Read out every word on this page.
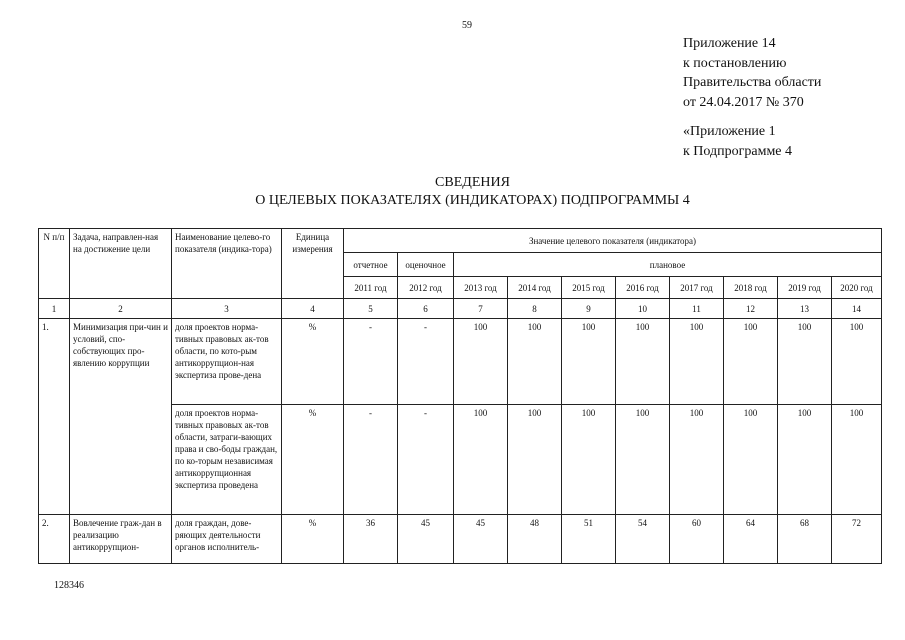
59
Приложение 14
к постановлению
Правительства области
от 24.04.2017 № 370
«Приложение 1
к Подпрограмме 4
СВЕДЕНИЯ
О ЦЕЛЕВЫХ ПОКАЗАТЕЛЯХ (ИНДИКАТОРАХ) ПОДПРОГРАММЫ 4
N п/п	Задача, направлен-ная на достижение цели	Наименование целево-го показателя (индика-тора)	Единица измерения	Значение целевого показателя (индикатора)									
				отчетное	оценочное	плановое							
				2011 год	2012 год	2013 год	2014 год	2015 год	2016 год	2017 год	2018 год	2019 год	2020 год
1	2	3	4	5	6	7	8	9	10	11	12	13	14
1.	Минимизация при-чин и условий, спо-собствующих про-явлению коррупции	доля проектов норма-тивных правовых ак-тов области, по кото-рым антикоррупцион-ная экспертиза прове-дена	%	-	-	100	100	100	100	100	100	100	100
		доля проектов норма-тивных правовых ак-тов области, затраги-вающих права и сво-боды граждан, по ко-торым независимая антикоррупционная экспертиза проведена	%	-	-	100	100	100	100	100	100	100	100
2.	Вовлечение граж-дан в реализацию антикоррупцион-	доля граждан, дове-ряющих деятельности органов исполнитель-	%	36	45	45	48	51	54	60	64	68	72
128346
